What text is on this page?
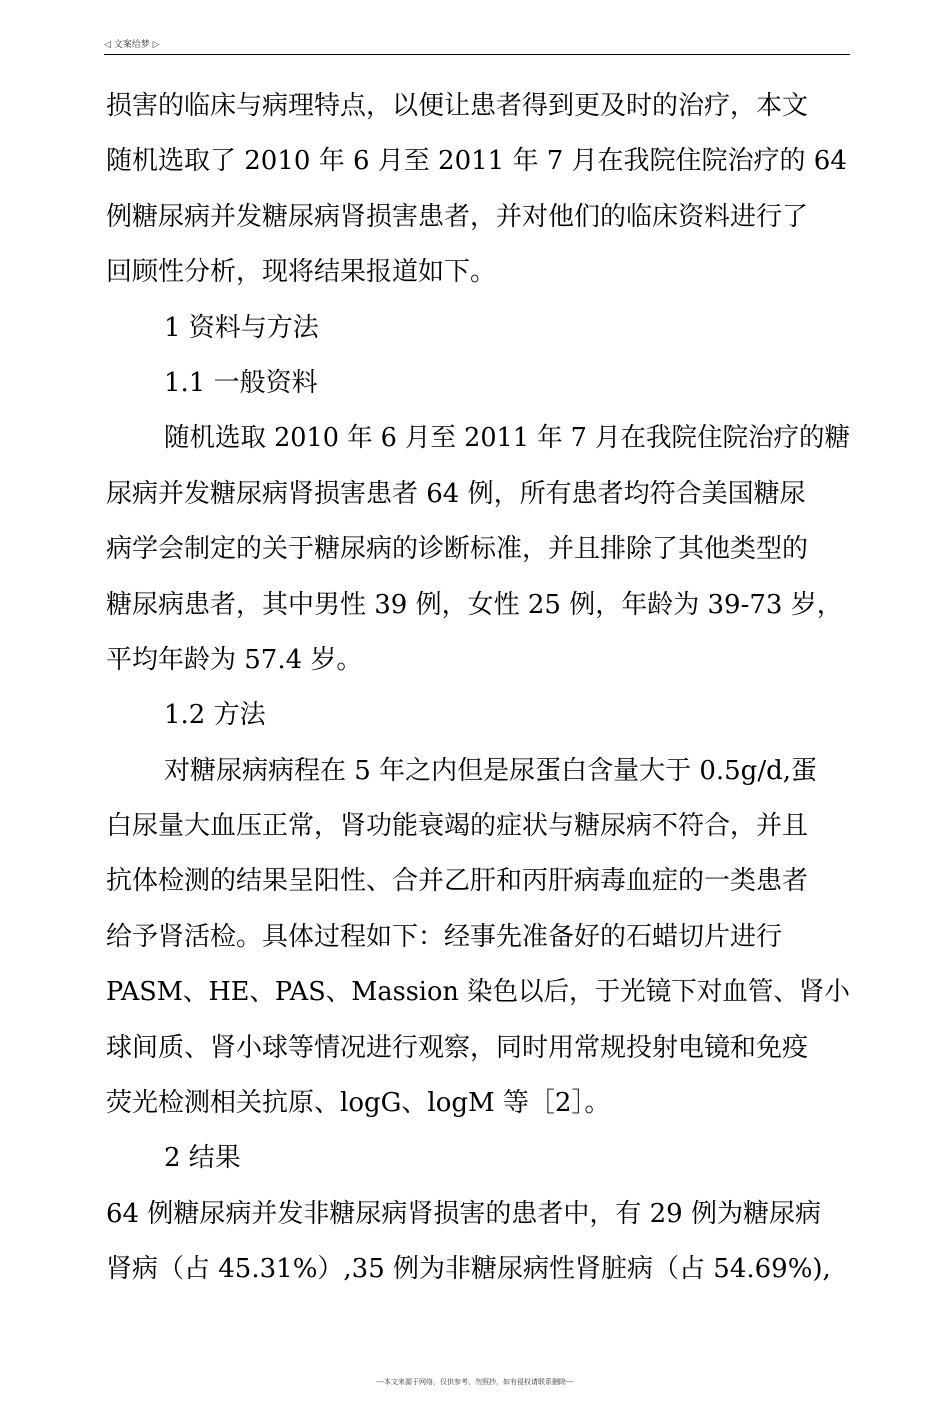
◁ 文案给梦 ▷
损害的临床与病理特点，以便让患者得到更及时的治疗，本文
随机选取了 2010 年 6 月至 2011 年 7 月在我院住院治疗的 64
例糖尿病并发糖尿病肾损害患者，并对他们的临床资料进行了
回顾性分析，现将结果报道如下。
1 资料与方法
1.1 一般资料
随机选取 2010 年 6 月至 2011 年 7 月在我院住院治疗的糖
尿病并发糖尿病肾损害患者 64 例，所有患者均符合美国糖尿
病学会制定的关于糖尿病的诊断标准，并且排除了其他类型的
糖尿病患者，其中男性 39 例，女性 25 例，年龄为 39-73 岁，
平均年龄为 57.4 岁。
1.2 方法
对糖尿病病程在 5 年之内但是尿蛋白含量大于 0.5g/d,蛋
白尿量大血压正常，肾功能衰竭的症状与糖尿病不符合，并且
抗体检测的结果呈阳性、合并乙肝和丙肝病毒血症的一类患者
给予肾活检。具体过程如下：经事先准备好的石蜡切片进行
PASM、HE、PAS、Massion 染色以后，于光镜下对血管、肾小
球间质、肾小球等情况进行观察，同时用常规投射电镜和免疫
荧光检测相关抗原、logG、logM 等［2］。
2 结果
64 例糖尿病并发非糖尿病肾损害的患者中，有 29 例为糖尿病
肾病（占 45.31%）,35 例为非糖尿病性肾脏病（占 54.69%),
---本文来源于网络，仅供参考，勿照抄，如有侵权请联系删除---
